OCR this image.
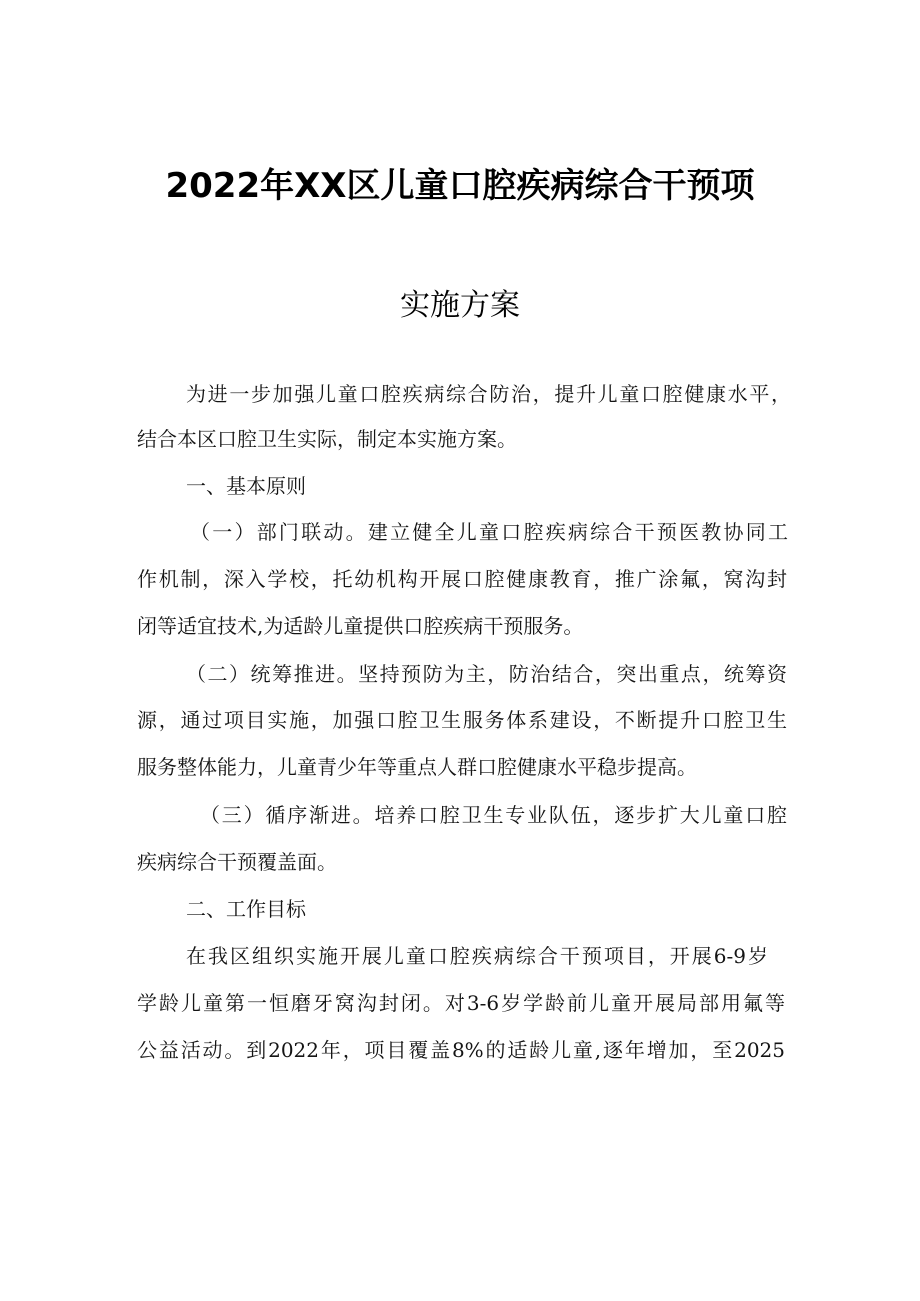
2022年XX区儿童口腔疾病综合干预项
实施方案

为进一步加强儿童口腔疾病综合防治，提升儿童口腔健康水平，

结合本区口腔卫生实际，制定本实施方案。

一、基本原则

（一）部门联动。建立健全儿童口腔疾病综合干预医教协同工

作机制，深入学校，托幼机构开展口腔健康教育，推广涂氟，窝沟封

闭等适宜技术,为适龄儿童提供口腔疾病干预服务。

（二）统筹推进。坚持预防为主，防治结合，突出重点，统筹资

源，通过项目实施，加强口腔卫生服务体系建设，不断提升口腔卫生

服务整体能力，儿童青少年等重点人群口腔健康水平稳步提高。

（三）循序渐进。培养口腔卫生专业队伍，逐步扩大儿童口腔

疾病综合干预覆盖面。

二、工作目标

在我区组织实施开展儿童口腔疾病综合干预项目，开展6-9岁

学龄儿童第一恒磨牙窝沟封闭。对3-6岁学龄前儿童开展局部用氟等

公益活动。到2022年，项目覆盖8%的适龄儿童,逐年增加，至2025
